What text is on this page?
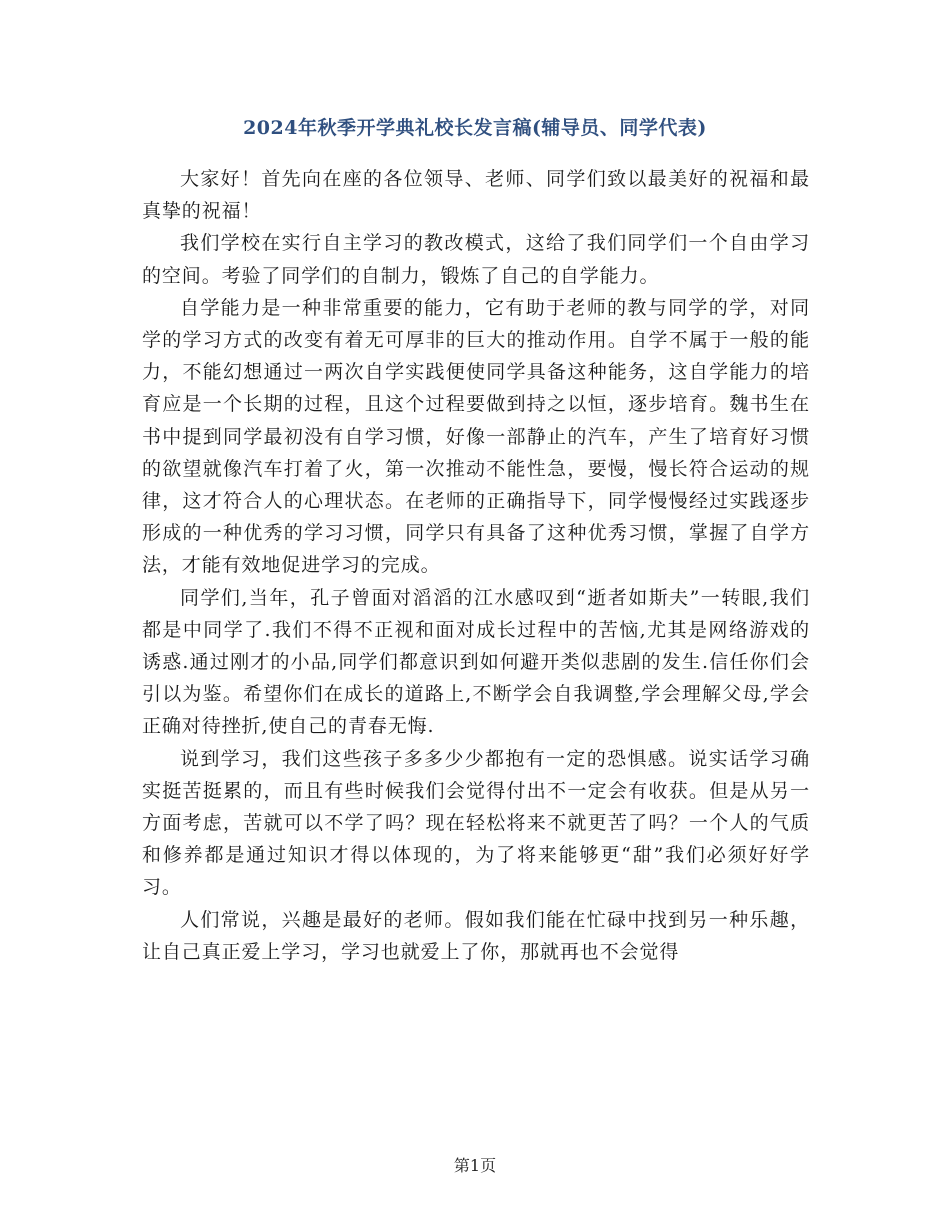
2024年秋季开学典礼校长发言稿(辅导员、同学代表)

大家好！首先向在座的各位领导、老师、同学们致以最美好的祝福和最真挚的祝福！

我们学校在实行自主学习的教改模式，这给了我们同学们一个自由学习的空间。考验了同学们的自制力，锻炼了自己的自学能力。

自学能力是一种非常重要的能力，它有助于老师的教与同学的学，对同学的学习方式的改变有着无可厚非的巨大的推动作用。自学不属于一般的能力，不能幻想通过一两次自学实践便使同学具备这种能务，这自学能力的培育应是一个长期的过程，且这个过程要做到持之以恒，逐步培育。魏书生在书中提到同学最初没有自学习惯，好像一部静止的汽车，产生了培育好习惯的欲望就像汽车打着了火，第一次推动不能性急，要慢，慢长符合运动的规律，这才符合人的心理状态。在老师的正确指导下，同学慢慢经过实践逐步形成的一种优秀的学习习惯，同学只有具备了这种优秀习惯，掌握了自学方法，才能有效地促进学习的完成。

同学们,当年，孔子曾面对滔滔的江水感叹到“逝者如斯夫”一转眼,我们都是中同学了.我们不得不正视和面对成长过程中的苦恼,尤其是网络游戏的诱惑.通过刚才的小品,同学们都意识到如何避开类似悲剧的发生.信任你们会引以为鉴。希望你们在成长的道路上,不断学会自我调整,学会理解父母,学会正确对待挫折,使自己的青春无悔.

说到学习，我们这些孩子多多少少都抱有一定的恐惧感。说实话学习确实挺苦挺累的，而且有些时候我们会觉得付出不一定会有收获。但是从另一方面考虑，苦就可以不学了吗？现在轻松将来不就更苦了吗？一个人的气质和修养都是通过知识才得以体现的，为了将来能够更“甜”我们必须好好学习。

人们常说，兴趣是最好的老师。假如我们能在忙碌中找到另一种乐趣，让自己真正爱上学习，学习也就爱上了你，那就再也不会觉得

第1页
